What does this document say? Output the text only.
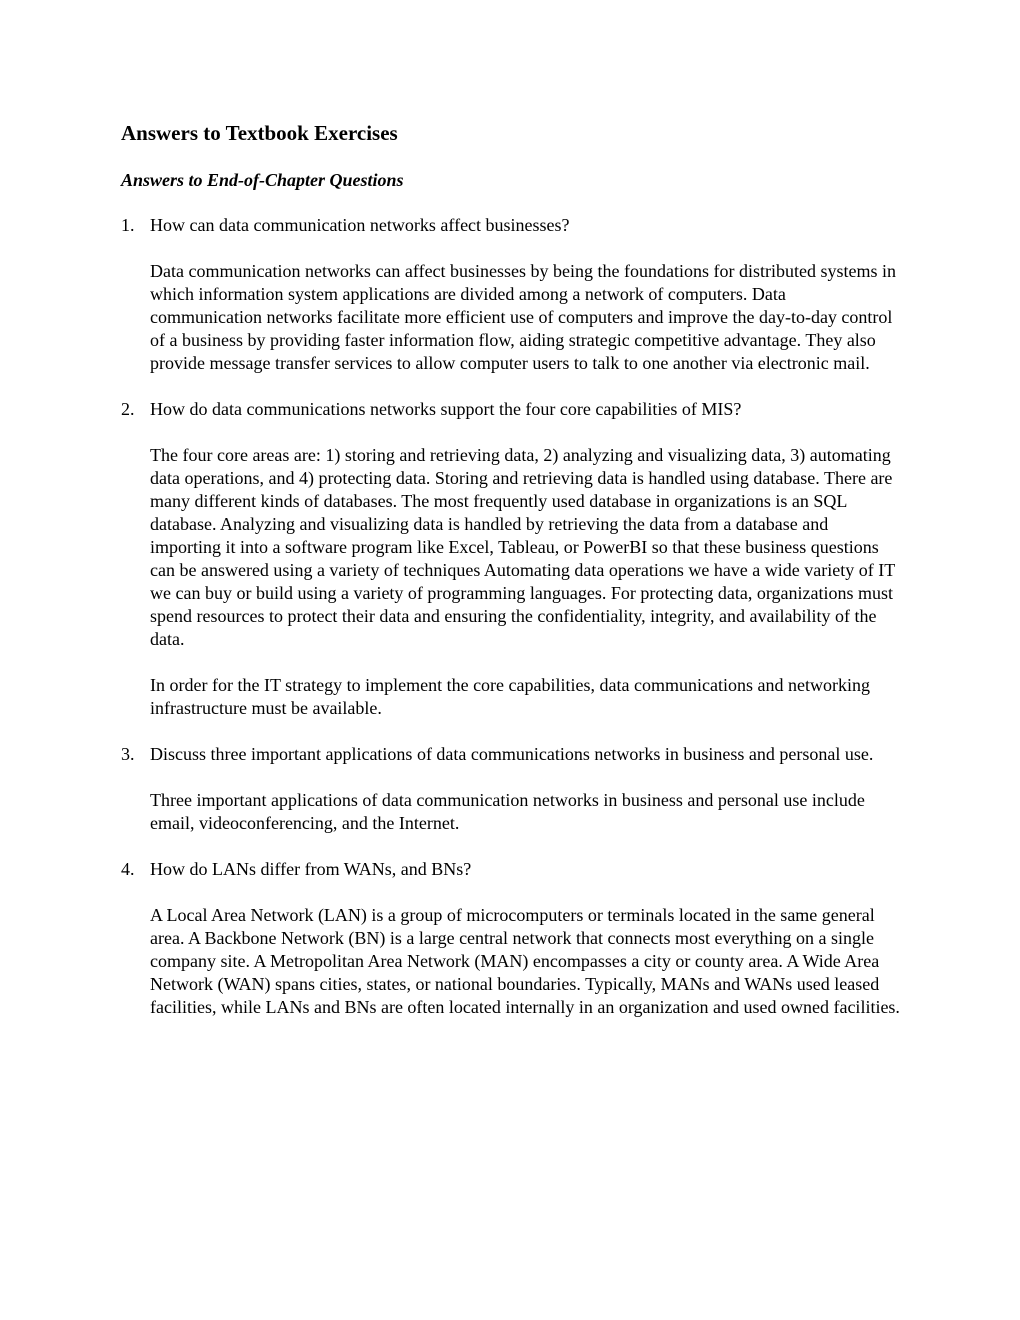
Answers to Textbook Exercises
Answers to End-of-Chapter Questions
1. How can data communication networks affect businesses?

Data communication networks can affect businesses by being the foundations for distributed systems in which information system applications are divided among a network of computers. Data communication networks facilitate more efficient use of computers and improve the day-to-day control of a business by providing faster information flow, aiding strategic competitive advantage. They also provide message transfer services to allow computer users to talk to one another via electronic mail.

2. How do data communications networks support the four core capabilities of MIS?

The four core areas are: 1) storing and retrieving data, 2) analyzing and visualizing data, 3) automating data operations, and 4) protecting data. Storing and retrieving data is handled using database. There are many different kinds of databases. The most frequently used database in organizations is an SQL database. Analyzing and visualizing data is handled by retrieving the data from a database and importing it into a software program like Excel, Tableau, or PowerBI so that these business questions can be answered using a variety of techniques Automating data operations we have a wide variety of IT we can buy or build using a variety of programming languages. For protecting data, organizations must spend resources to protect their data and ensuring the confidentiality, integrity, and availability of the data.

In order for the IT strategy to implement the core capabilities, data communications and networking infrastructure must be available.

3. Discuss three important applications of data communications networks in business and personal use.

Three important applications of data communication networks in business and personal use include email, videoconferencing, and the Internet.

4. How do LANs differ from WANs, and BNs?

A Local Area Network (LAN) is a group of microcomputers or terminals located in the same general area. A Backbone Network (BN) is a large central network that connects most everything on a single company site. A Metropolitan Area Network (MAN) encompasses a city or county area. A Wide Area Network (WAN) spans cities, states, or national boundaries. Typically, MANs and WANs used leased facilities, while LANs and BNs are often located internally in an organization and used owned facilities.
